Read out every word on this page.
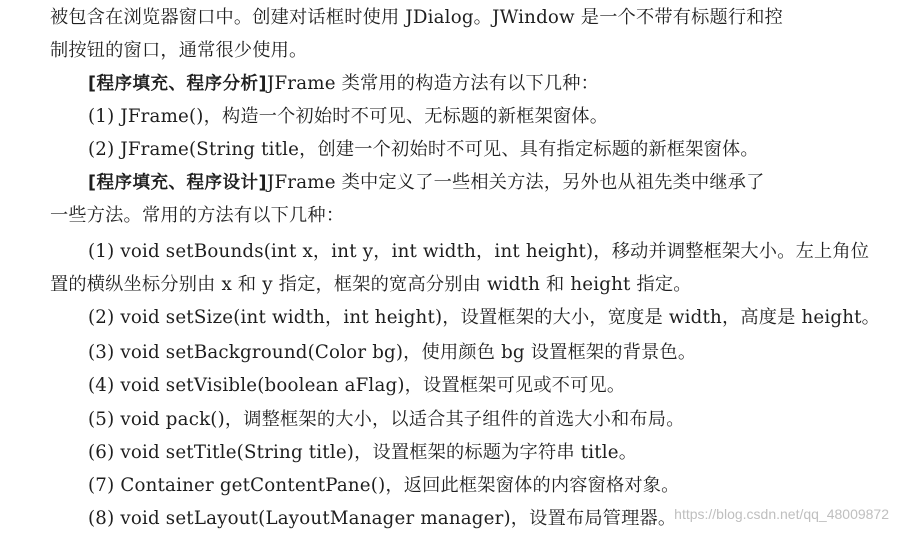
被包含在浏览器窗口中。创建对话框时使用 JDialog。JWindow 是一个不带有标题行和控
制按钮的窗口，通常很少使用。
[程序填充、程序分析]JFrame 类常用的构造方法有以下几种：
(1) JFrame()，构造一个初始时不可见、无标题的新框架窗体。
(2) JFrame(String title，创建一个初始时不可见、具有指定标题的新框架窗体。
[程序填充、程序设计]JFrame 类中定义了一些相关方法，另外也从祖先类中继承了
一些方法。常用的方法有以下几种：
(1) void setBounds(int x，int y，int width，int height)，移动并调整框架大小。左上角位
置的横纵坐标分别由 x 和 y 指定，框架的宽高分别由 width 和 height 指定。
(2) void setSize(int width，int height)，设置框架的大小，宽度是 width，高度是 height。
(3) void setBackground(Color bg)，使用颜色 bg 设置框架的背景色。
(4) void setVisible(boolean aFlag)，设置框架可见或不可见。
(5) void pack()，调整框架的大小，以适合其子组件的首选大小和布局。
(6) void setTitle(String title)，设置框架的标题为字符串 title。
(7) Container getContentPane()，返回此框架窗体的内容窗格对象。
(8) void setLayout(LayoutManager manager)，设置布局管理器。
https://blog.csdn.net/qq_48009872
